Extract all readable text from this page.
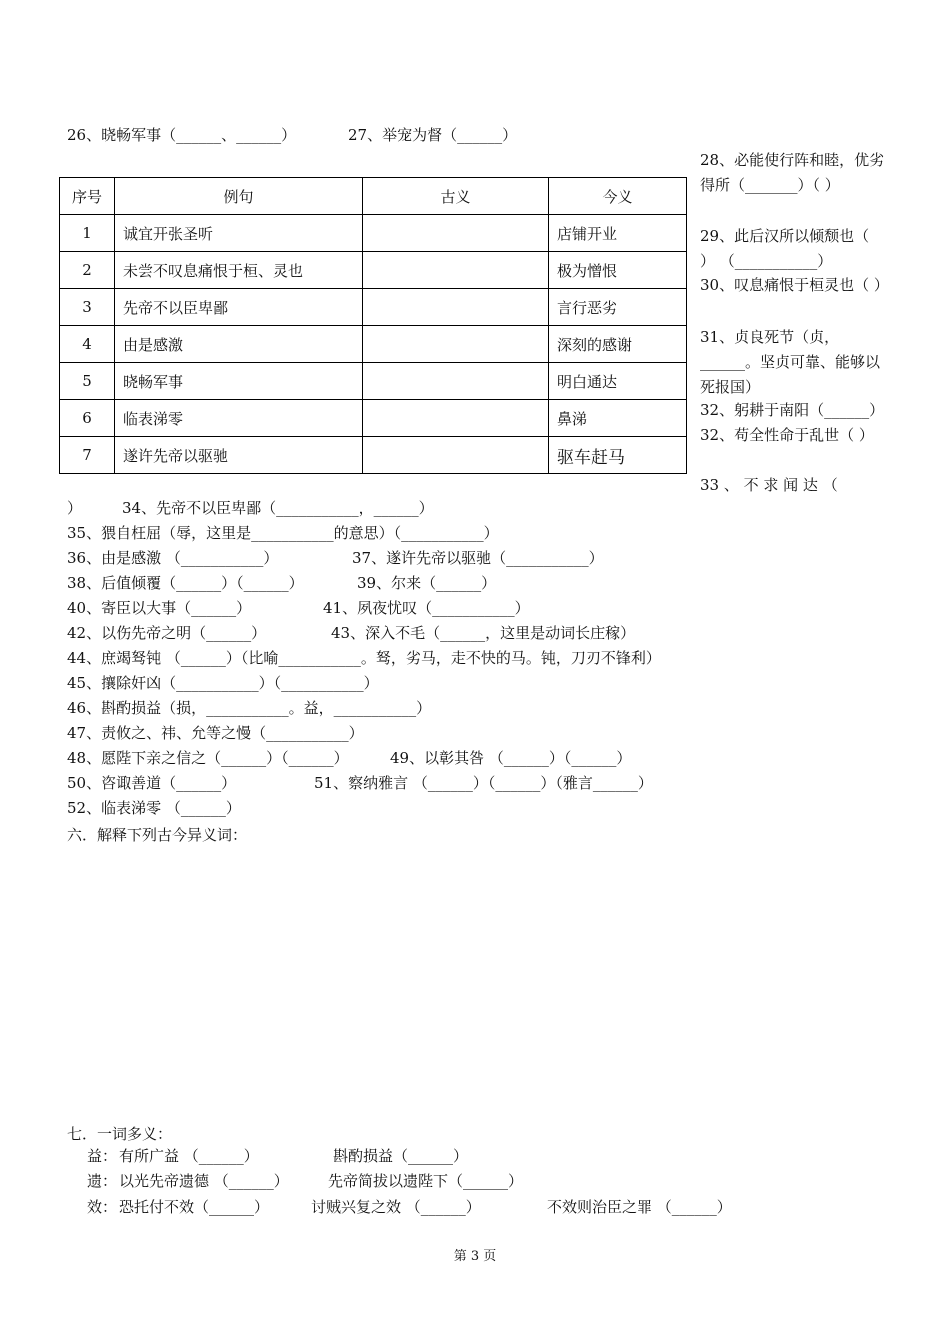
26、晓畅军事（______、______）	27、举宠为督（______）
28、必能使行阵和睦，优劣得所（_______）（ ）
29、此后汉所以倾颓也（ ） （___________）
30、叹息痛恨于桓灵也（ ）
31、贞良死节（贞，______。坚贞可靠、能够以死报国）
32、躬耕于南阳（______）
32、苟全性命于乱世（ ）
33 、 不 求 闻 达 （
序号	例句	古义	今义
1	诚宜开张圣听		店铺开业
2	未尝不叹息痛恨于桓、灵也		极为憎恨
3	先帝不以臣卑鄙		言行恶劣
4	由是感激		深刻的感谢
5	晓畅军事		明白通达
6	临表涕零		鼻涕
7	遂许先帝以驱驰		驱车赶马
）	34、先帝不以臣卑鄙（___________，______）
35、猥自枉屈（辱，这里是___________的意思）（___________）
36、由是感激 （___________）	37、遂许先帝以驱驰（___________）
38、后值倾覆（______）（______）	39、尔来（______）
40、寄臣以大事（______）	41、夙夜忧叹（___________）
42、以伤先帝之明（______）	43、深入不毛（______，这里是动词长庄稼）
44、庶竭驽钝 （______）（比喻___________。驽，劣马，走不快的马。钝，刀刃不锋利）
45、攘除奸凶（___________）（___________）
46、斟酌损益（损，___________。益，___________）
47、责攸之、祎、允等之慢（___________）
48、愿陛下亲之信之（______）（______）	49、以彰其咎 （______）（______）
50、咨诹善道（______）	51、察纳雅言 （______）（______）（雅言______）
52、临表涕零 （______）
六．解释下列古今异义词：
七．一词多义：
益： 有所广益 （______）	斟酌损益（______）
遗： 以光先帝遗德 （______）	先帝简拔以遗陛下（______）
效： 恐托付不效（______）	讨贼兴复之效 （______）	不效则治臣之罪 （______）
第 3 页
